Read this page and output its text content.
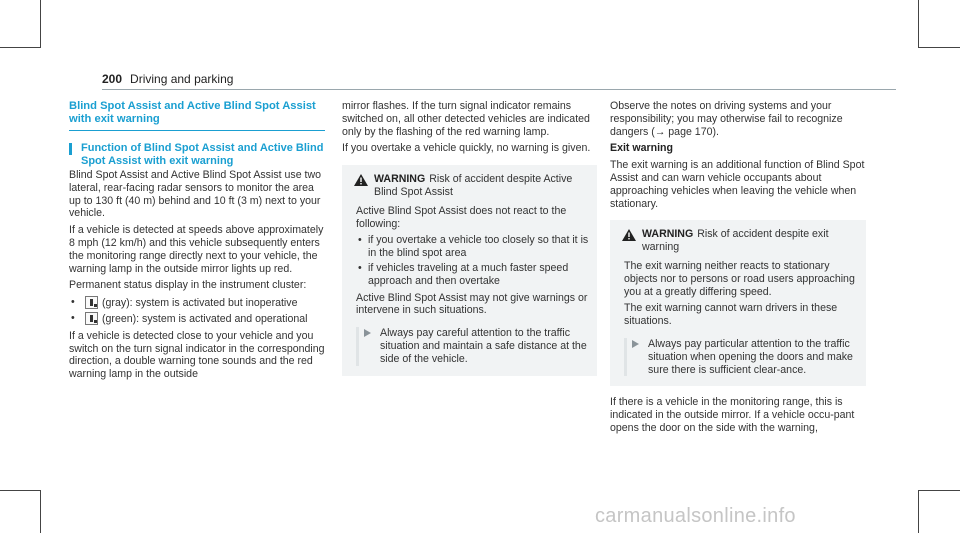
200 Driving and parking
Blind Spot Assist and Active Blind Spot Assist with exit warning
Function of Blind Spot Assist and Active Blind Spot Assist with exit warning

Blind Spot Assist and Active Blind Spot Assist use two lateral, rear-facing radar sensors to monitor the area up to 130 ft (40 m) behind and 10 ft (3 m) next to your vehicle.

If a vehicle is detected at speeds above approximately 8 mph (12 km/h) and this vehicle subsequently enters the monitoring range directly next to your vehicle, the warning lamp in the outside mirror lights up red.

Permanent status display in the instrument cluster:

•	(gray): system is activated but inoperative
•	(green): system is activated and operational

If a vehicle is detected close to your vehicle and you switch on the turn signal indicator in the corresponding direction, a double warning tone sounds and the red warning lamp in the outside

mirror flashes. If the turn signal indicator remains switched on, all other detected vehicles are indicated only by the flashing of the red warning lamp.

If you overtake a vehicle quickly, no warning is given.

WARNING Risk of accident despite Active Blind Spot Assist

Active Blind Spot Assist does not react to the following:

• if you overtake a vehicle too closely so that it is in the blind spot area
• if vehicles traveling at a much faster speed approach and then overtake

Active Blind Spot Assist may not give warnings or intervene in such situations.

Always pay careful attention to the traffic situation and maintain a safe distance at the side of the vehicle.

Observe the notes on driving systems and your responsibility; you may otherwise fail to recognize dangers (→ page 170).

Exit warning

The exit warning is an additional function of Blind Spot Assist and can warn vehicle occupants about approaching vehicles when leaving the vehicle when stationary.

WARNING Risk of accident despite exit warning

The exit warning neither reacts to stationary objects nor to persons or road users approaching you at a greatly differing speed.

The exit warning cannot warn drivers in these situations.

Always pay particular attention to the traffic situation when opening the doors and make sure there is sufficient clear-ance.

If there is a vehicle in the monitoring range, this is indicated in the outside mirror. If a vehicle occu-pant opens the door on the side with the warning,

carmanualsonline.info
